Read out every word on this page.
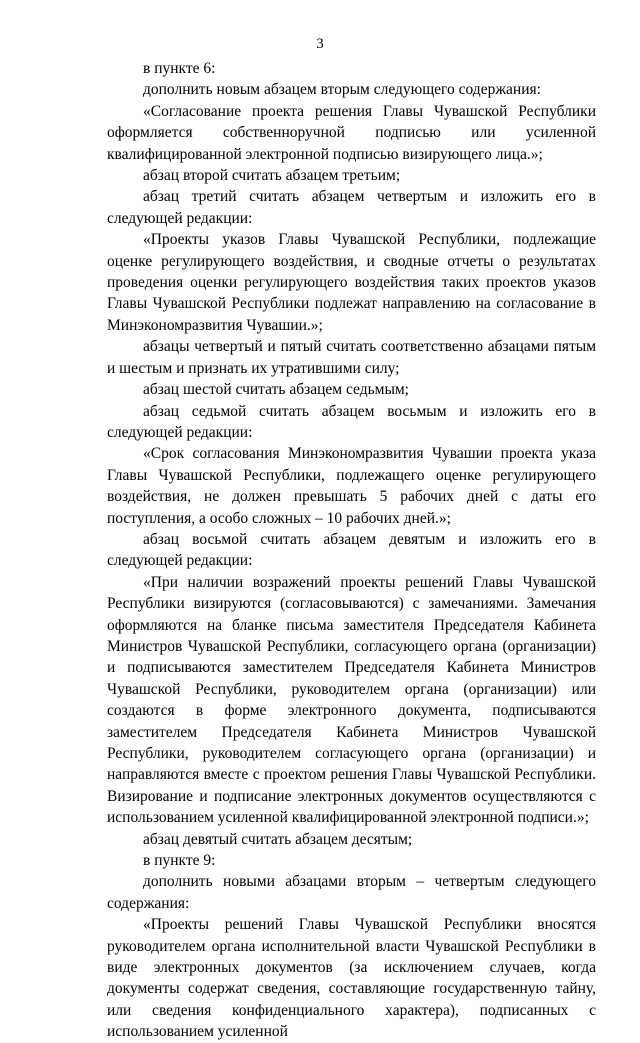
3

в пункте 6:

дополнить новым абзацем вторым следующего содержания:

«Согласование проекта решения Главы Чувашской Республики оформляется собственноручной подписью или усиленной квалифицированной электронной подписью визирующего лица.»;

абзац второй считать абзацем третьим;

абзац третий считать абзацем четвертым и изложить его в следующей редакции:

«Проекты указов Главы Чувашской Республики, подлежащие оценке регулирующего воздействия, и сводные отчеты о результатах проведения оценки регулирующего воздействия таких проектов указов Главы Чувашской Республики подлежат направлению на согласование в Минэкономразвития Чувашии.»;

абзацы четвертый и пятый считать соответственно абзацами пятым и шестым и признать их утратившими силу;

абзац шестой считать абзацем седьмым;

абзац седьмой считать абзацем восьмым и изложить его в следующей редакции:

«Срок согласования Минэкономразвития Чувашии проекта указа Главы Чувашской Республики, подлежащего оценке регулирующего воздействия, не должен превышать 5 рабочих дней с даты его поступления, а особо сложных – 10 рабочих дней.»;

абзац восьмой считать абзацем девятым и изложить его в следующей редакции:

«При наличии возражений проекты решений Главы Чувашской Республики визируются (согласовываются) с замечаниями. Замечания оформляются на бланке письма заместителя Председателя Кабинета Министров Чувашской Республики, согласующего органа (организации) и подписываются заместителем Председателя Кабинета Министров Чувашской Республики, руководителем органа (организации) или создаются в форме электронного документа, подписываются заместителем Председателя Кабинета Министров Чувашской Республики, руководителем согласующего органа (организации) и направляются вместе с проектом решения Главы Чувашской Республики. Визирование и подписание электронных документов осуществляются с использованием усиленной квалифицированной электронной подписи.»;

абзац девятый считать абзацем десятым;

в пункте 9:

дополнить новыми абзацами вторым – четвертым следующего содержания:

«Проекты решений Главы Чувашской Республики вносятся руководителем органа исполнительной власти Чувашской Республики в виде электронных документов (за исключением случаев, когда документы содержат сведения, составляющие государственную тайну, или сведения конфиденциального характера), подписанных с использованием усиленной
